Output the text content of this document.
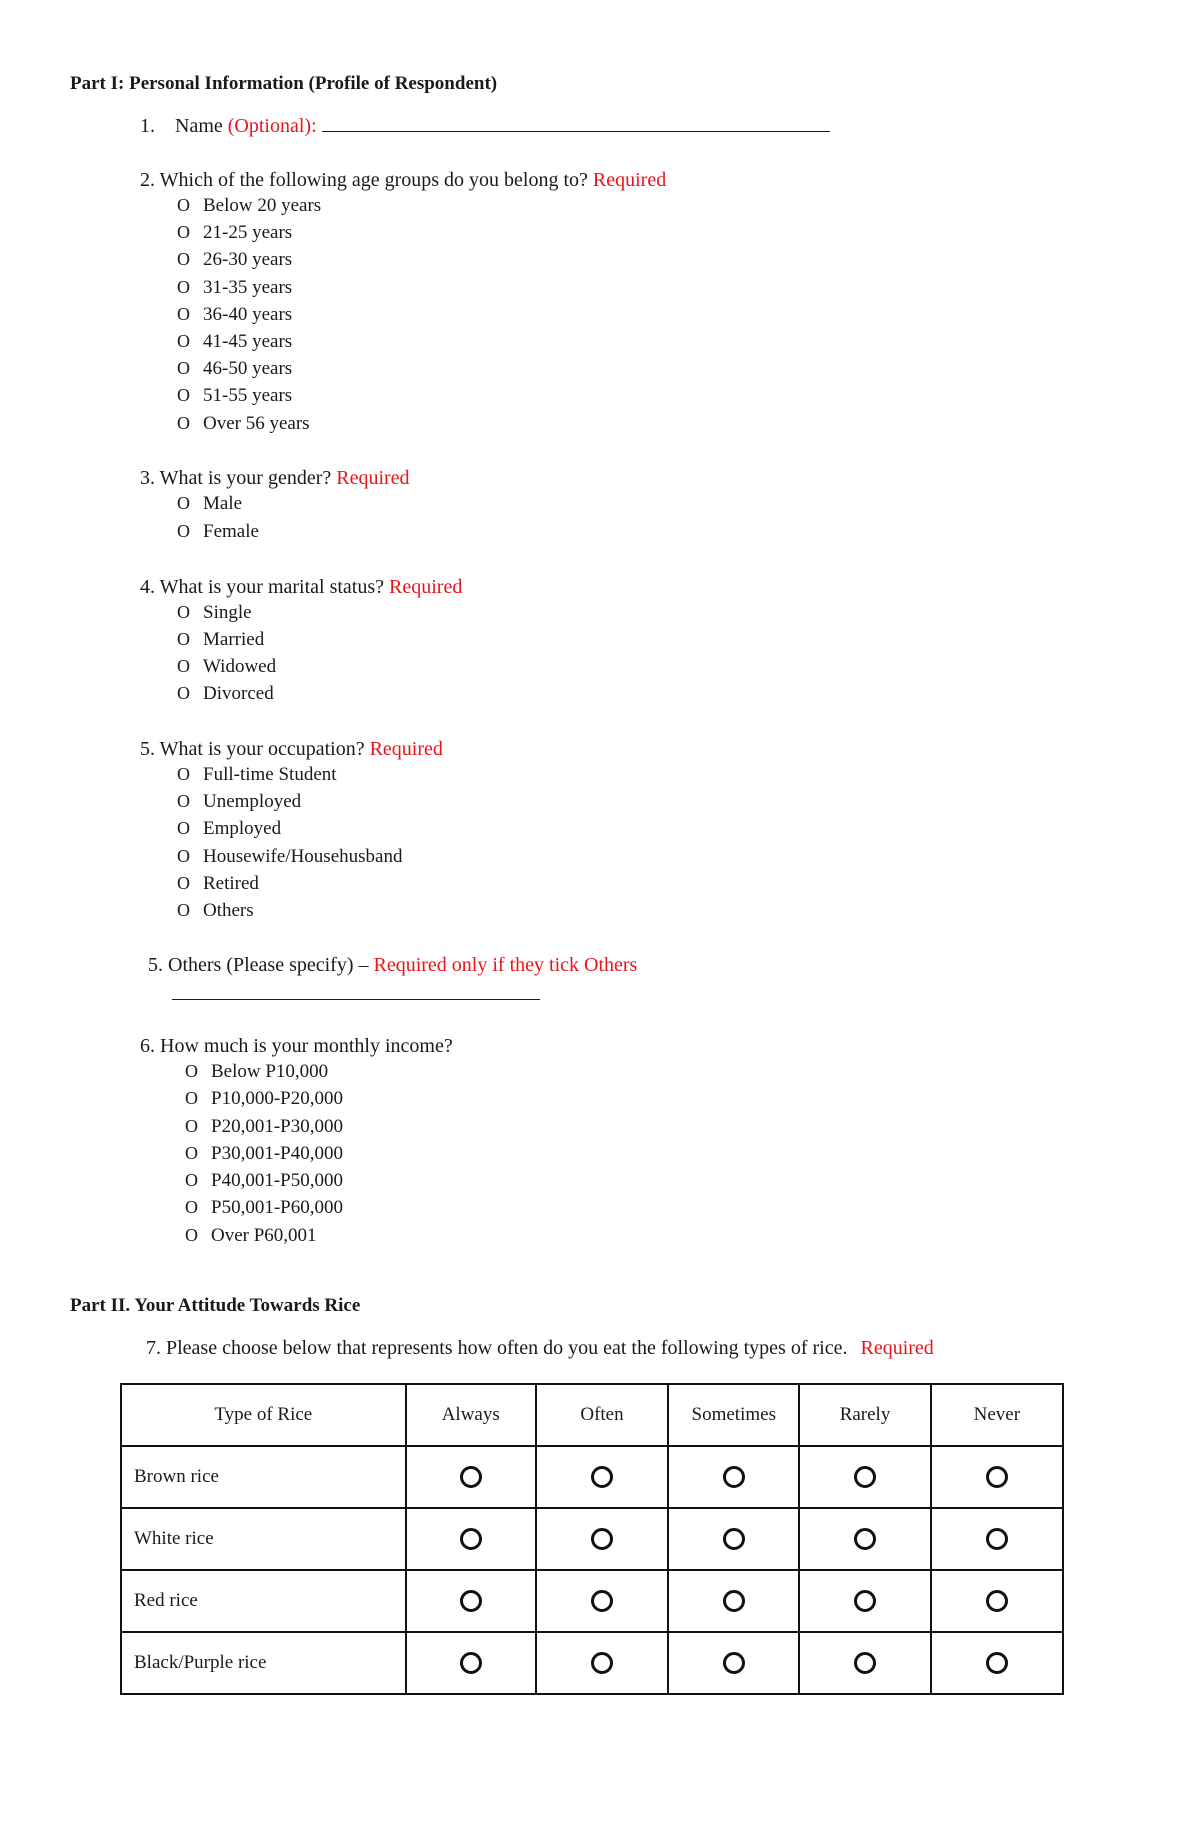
Part I: Personal Information (Profile of Respondent)
1.    Name (Optional):
2. Which of the following age groups do you belong to? Required
O Below 20 years
O 21-25 years
O 26-30 years
O 31-35 years
O 36-40 years
O 41-45 years
O 46-50 years
O 51-55 years
O Over 56 years
3. What is your gender? Required
O Male
O Female
4. What is your marital status? Required
O Single
O Married
O Widowed
O Divorced
5. What is your occupation? Required
O Full-time Student
O Unemployed
O Employed
O Housewife/Househusband
O Retired
O Others
5. Others (Please specify) – Required only if they tick Others
6. How much is your monthly income?
O Below P10,000
O P10,000-P20,000
O P20,001-P30,000
O P30,001-P40,000
O P40,001-P50,000
O P50,001-P60,000
O Over P60,001
Part II. Your Attitude Towards Rice
7. Please choose below that represents how often do you eat the following types of rice. Required
Type of Rice	Always	Often	Sometimes	Rarely	Never
Brown rice					
White rice					
Red rice					
Black/Purple rice					
